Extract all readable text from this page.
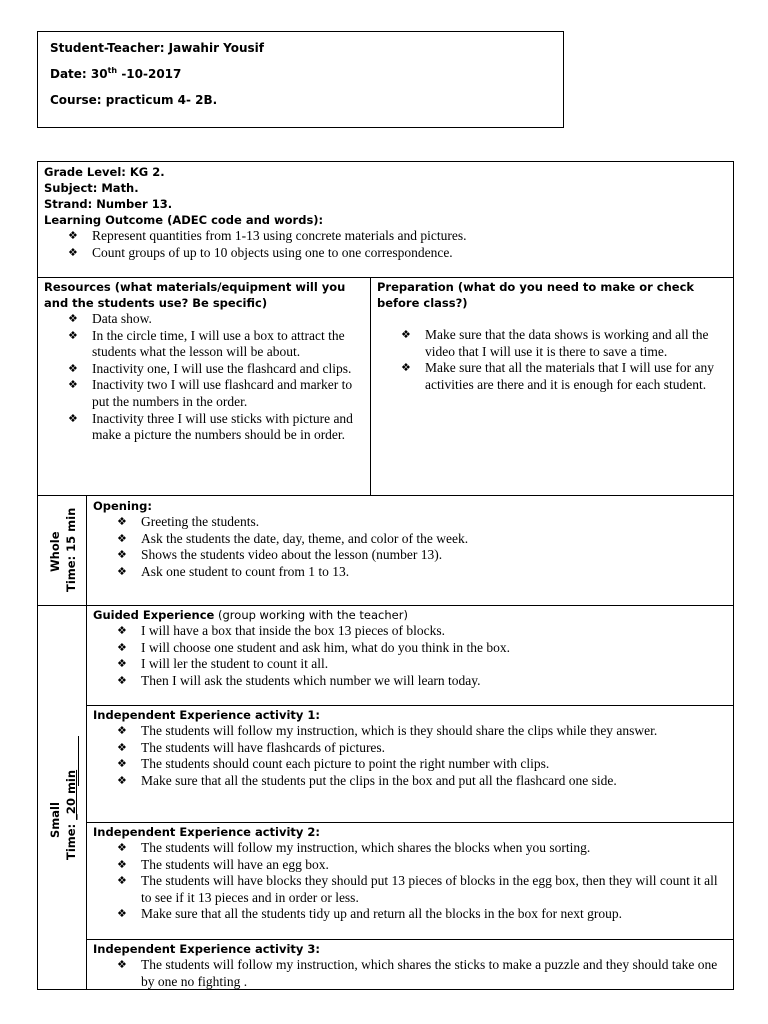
Student-Teacher: Jawahir Yousif
Date: 30th -10-2017
Course: practicum 4- 2B.
Grade Level: KG 2.
Subject: Math.
Strand: Number 13.
Learning Outcome (ADEC code and words):
❖ Represent quantities from 1-13 using concrete materials and pictures.
❖ Count groups of up to 10 objects using one to one correspondence.
Resources (what materials/equipment will you and the students use? Be specific)
❖ Data show.
❖ In the circle time, I will use a box to attract the students what the lesson will be about.
❖ Inactivity one, I will use the flashcard and clips.
❖ Inactivity two I will use flashcard and marker to put the numbers in the order.
❖ Inactivity three I will use sticks with picture and make a picture the numbers should be in order.
Preparation (what do you need to make or check before class?)
❖ Make sure that the data shows is working and all the video that I will use it is there to save a time.
❖ Make sure that all the materials that I will use for any activities are there and it is enough for each student.
Whole Time: 15 min
Opening:
❖ Greeting the students.
❖ Ask the students the date, day, theme, and color of the week.
❖ Shows the students video about the lesson (number 13).
❖ Ask one student to count from 1 to 13.
Small
Time: _20 min
Guided Experience (group working with the teacher)
❖ I will have a box that inside the box 13 pieces of blocks.
❖ I will choose one student and ask him, what do you think in the box.
❖ I will ler the student to count it all.
❖ Then I will ask the students which number we will learn today.
Independent Experience activity 1:
❖ The students will follow my instruction, which is they should share the clips while they answer.
❖ The students will have flashcards of pictures.
❖ The students should count each picture to point the right number with clips.
❖ Make sure that all the students put the clips in the box and put all the flashcard one side.
Independent Experience activity 2:
❖ The students will follow my instruction, which shares the blocks when you sorting.
❖ The students will have an egg box.
❖ The students will have blocks they should put 13 pieces of blocks in the egg box, then they will count it all to see if it 13 pieces and in order or less.
❖ Make sure that all the students tidy up and return all the blocks in the box for next group.
Independent Experience activity 3:
❖ The students will follow my instruction, which shares the sticks to make a puzzle and they should take one by one no fighting .
